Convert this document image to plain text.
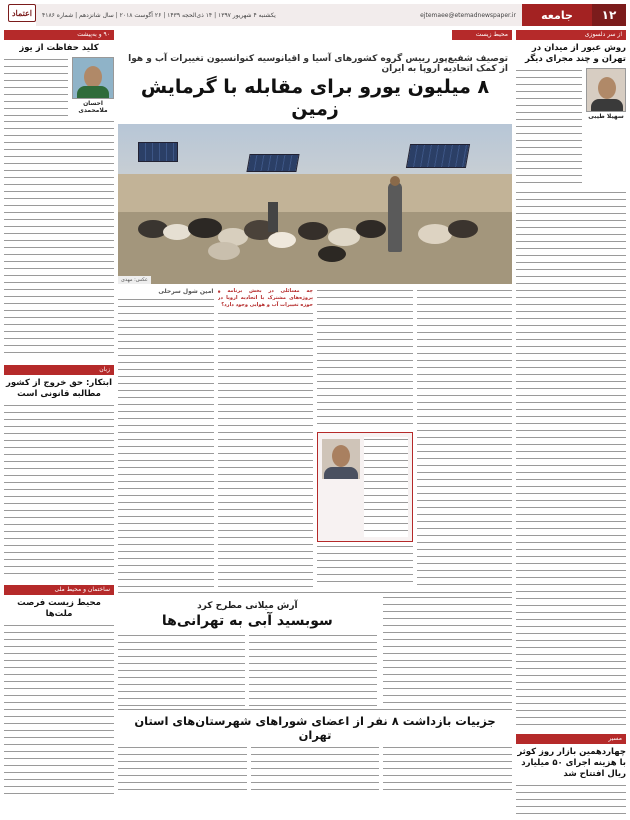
۱۲
جامعه
ejtemaee@etemadnewspaper.ir
یکشنبه ۴ شهریور ۱۳۹۷ | ۱۴ ذی‌الحجه ۱۴۳۹ | ۲۶ آگوست ۲۰۱۸ | سال شانزدهم | شماره ۴۱۸۶
اعتماد
از سر دلسوزی
روش عبور از میدان در تهران و چند مجرای دیگر
سهیلا طیبی
مسیر
چهاردهمین بازار روز کوثر با هزینه اجرای ۵۰ میلیارد ریال افتتاح شد
۹۰ و به‌پیشت
کلید حفاظت از یوز
احسان ملامحمدی
زبان
ابتکار: حق خروج از کشور مطالبه قانونی است
ساختمان و محیط ملی
محیط زیست فرصت ملت‌ها
محیط زیست
توصیف شفیع‌پور رییس گروه کشورهای آسیا و اقیانوسیه کنوانسیون تغییرات آب و هوا از کمک اتحادیه اروپا به ایران
۸ میلیون یورو برای مقابله با گرمایش زمین
عکس: مهدی
چه مسائلی در بخش برنامه و پروژه‌های مشترک با اتحادیه اروپا در حوزه تغییرات آب و هوایی وجود دارد؟
امین شول سرحلی
آرش میلانی مطرح کرد
سوبسید آبی به تهرانی‌ها
جزییات بازداشت ۸ نفر از اعضای شوراهای شهرستان‌های استان تهران
